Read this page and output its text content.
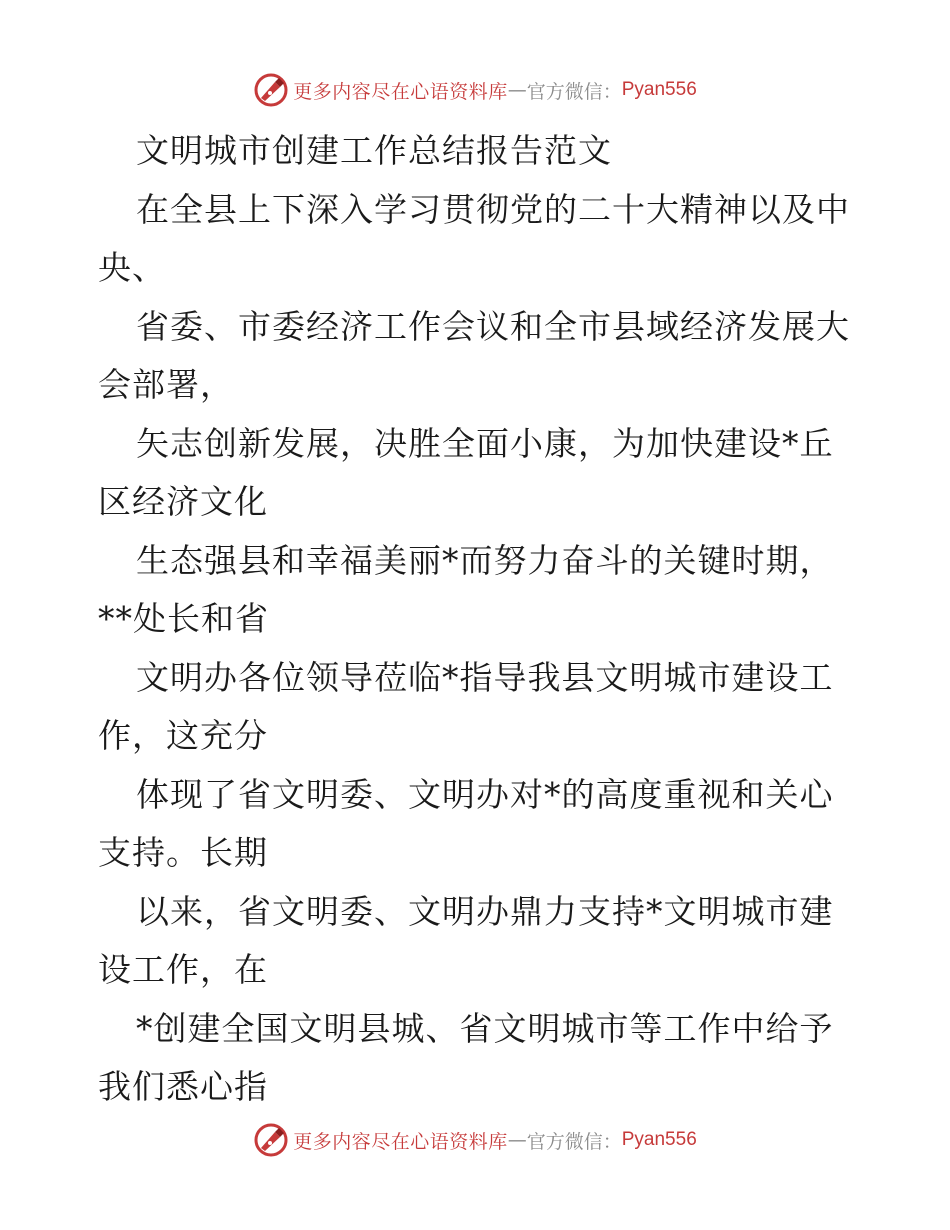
更多内容尽在心语资料库 — 官方微信： Pyan556
文明城市创建工作总结报告范文
在全县上下深入学习贯彻党的二十大精神以及中
央、
省委、市委经济工作会议和全市县域经济发展大
会部署，
矢志创新发展，决胜全面小康，为加快建设*丘
区经济文化
生态强县和幸福美丽*而努力奋斗的关键时期，
**处长和省
文明办各位领导莅临*指导我县文明城市建设工
作，这充分
体现了省文明委、文明办对*的高度重视和关心
支持。长期
以来，省文明委、文明办鼎力支持*文明城市建
设工作，在
*创建全国文明县城、省文明城市等工作中给予
我们悉心指
更多内容尽在心语资料库 — 官方微信： Pyan556
